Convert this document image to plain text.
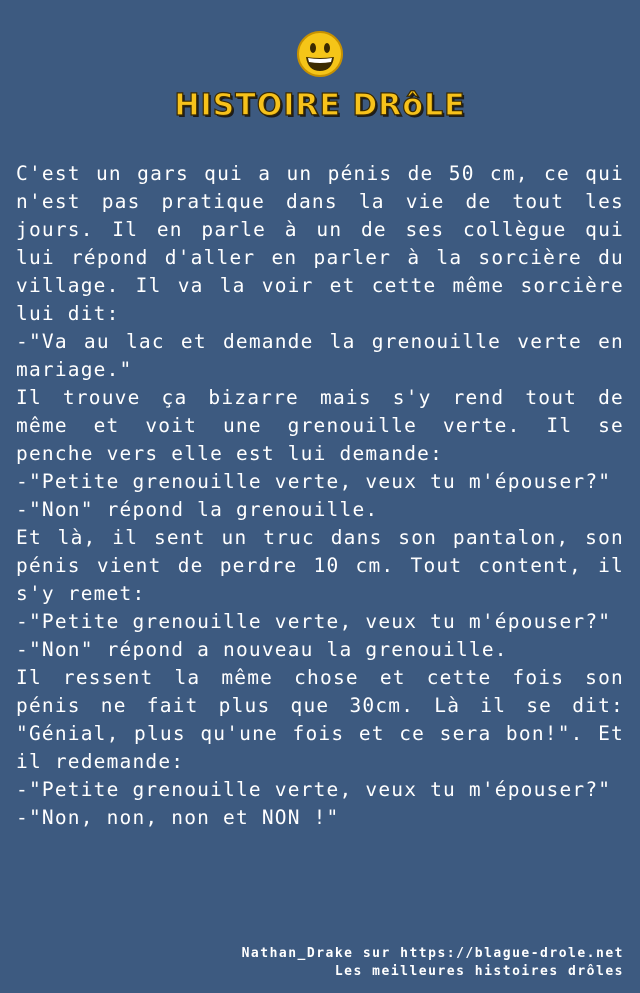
HISTOIRE DRôLE

C'est un gars qui a un pénis de 50 cm, ce qui n'est pas pratique dans la vie de tout les jours. Il en parle à un de ses collègue qui lui répond d'aller en parler à la sorcière du village. Il va la voir et cette même sorcière lui dit:

-"Va au lac et demande la grenouille verte en mariage."

Il trouve ça bizarre mais s'y rend tout de même et voit une grenouille verte. Il se penche vers elle est lui demande:

-"Petite grenouille verte, veux tu m'épouser?"

-"Non" répond la grenouille.

Et là, il sent un truc dans son pantalon, son pénis vient de perdre 10 cm. Tout content, il s'y remet:

-"Petite grenouille verte, veux tu m'épouser?"

-"Non" répond a nouveau la grenouille.

Il ressent la même chose et cette fois son pénis ne fait plus que 30cm. Là il se dit: "Génial, plus qu'une fois et ce sera bon!". Et il redemande:

-"Petite grenouille verte, veux tu m'épouser?"

-"Non, non, non et NON !"

Nathan_Drake sur https://blague-drole.net
Les meilleures histoires drôles
